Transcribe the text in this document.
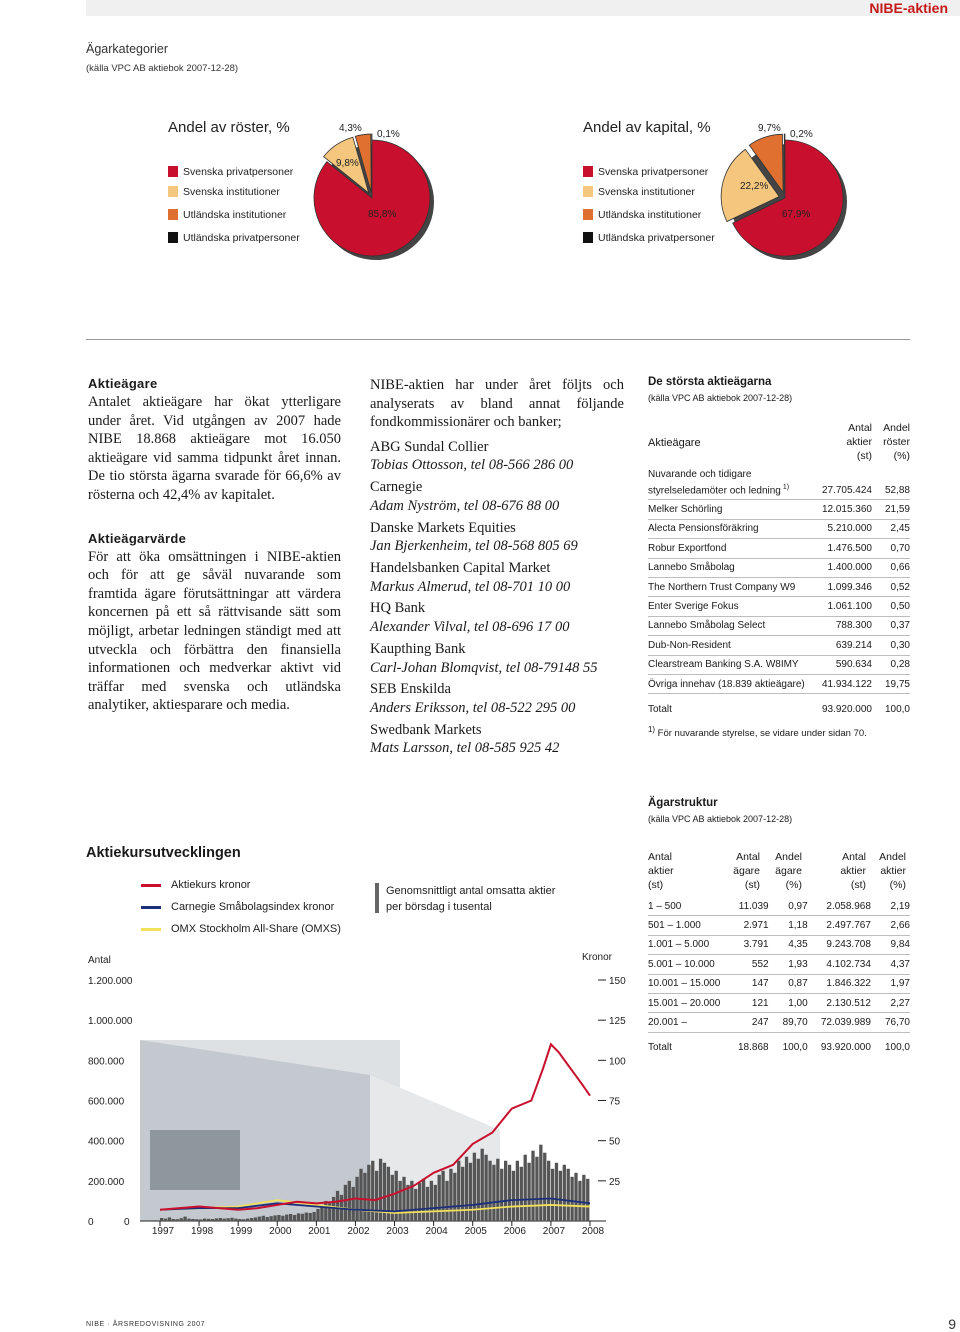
NIBE-aktien
Ägarkategorier
(källa VPC AB aktiebok 2007-12-28)
Andel av röster, %
Svenska privatpersoner
Svenska institutioner
Utländska institutioner
Utländska privatpersoner
4,3%
0,1%
9,8%
85,8%
Andel av kapital, %
Svenska privatpersoner
Svenska institutioner
Utländska institutioner
Utländska privatpersoner
9,7%
0,2%
22,2%
67,9%
Aktieägare
Antalet aktieägare har ökat ytterligare under året. Vid utgången av 2007 hade NIBE 18.868 aktieägare mot 16.050 aktieägare vid samma tidpunkt året innan. De tio största ägarna svarade för 66,6% av rösterna och 42,4% av kapitalet.
Aktieägarvärde
För att öka omsättningen i NIBE-aktien och för att ge såväl nuvarande som framtida ägare förutsättningar att värdera koncernen på ett så rättvisande sätt som möjligt, arbetar ledningen ständigt med att utveckla och förbättra den finansiella informationen och medverkar aktivt vid träffar med svenska och utländska analytiker, aktiesparare och media.
NIBE-aktien har under året följts och analyserats av bland annat följande fondkommissionärer och banker;
ABG Sundal Collier
Tobias Ottosson, tel 08-566 286 00
Carnegie
Adam Nyström, tel 08-676 88 00
Danske Markets Equities
Jan Bjerkenheim, tel 08-568 805 69
Handelsbanken Capital Market
Markus Almerud, tel 08-701 10 00
HQ Bank
Alexander Vilval, tel 08-696 17 00
Kaupthing Bank
Carl-Johan Blomqvist, tel 08-79148 55
SEB Enskilda
Anders Eriksson, tel 08-522 295 00
Swedbank Markets
Mats Larsson, tel 08-585 925 42
De största aktieägarna
(källa VPC AB aktiebok 2007-12-28)
Aktieägare
Antal
aktier
(st)
Andel
röster
(%)
Nuvarande och tidigare
styrelseledamöter och ledning $^{1)}$	27.705.424	52,88
Melker Schörling	12.015.360	21,59
Alecta Pensionsföräkring	5.210.000	2,45
Robur Exportfond	1.476.500	0,70
Lannebo Småbolag	1.400.000	0,66
The Northern Trust Company W9	1.099.346	0,52
Enter Sverige Fokus	1.061.100	0,50
Lannebo Småbolag Select	788.300	0,37
Dub-Non-Resident	639.214	0,30
Clearstream Banking S.A. W8IMY	590.634	0,28
Övriga innehav (18.839 aktieägare)	41.934.122	19,75
Totalt	93.920.000	100,0
$^{1)}$ För nuvarande styrelse, se vidare under sidan 70.
Ägarstruktur
(källa VPC AB aktiebok 2007-12-28)
Antal
aktier
(st)
Antal
ägare
(st)
Andel
ägare
(%)
Antal
aktier
(st)
Andel
aktier
(%)
1 – 500	11.039	0,97	2.058.968	2,19
501 – 1.000	2.971	1,18	2.497.767	2,66
1.001 – 5.000	3.791	4,35	9.243.708	9,84
5.001 – 10.000	552	1,93	4.102.734	4,37
10.001 – 15.000	147	0,87	1.846.322	1,97
15.001 – 20.000	121	1,00	2.130.512	2,27
20.001 –	247	89,70	72.039.989	76,70
Totalt	18.868	100,0	93.920.000	100,0
Aktiekursutvecklingen
Aktiekurs kronor
Carnegie Småbolagsindex kronor
OMX Stockholm All-Share (OMXS)
Genomsnittligt antal omsatta aktier per börsdag i tusental
Antal	Kronor
1.200.000
1.000.000
800.000
600.000
400.000
200.000
0
150
125
100
75
50
25
0
1997 1998 1999 2000 2001 2002 2003 2004 2005 2006 2007 2008
NIBE · ÅRSREDOVISNING 2007	9
